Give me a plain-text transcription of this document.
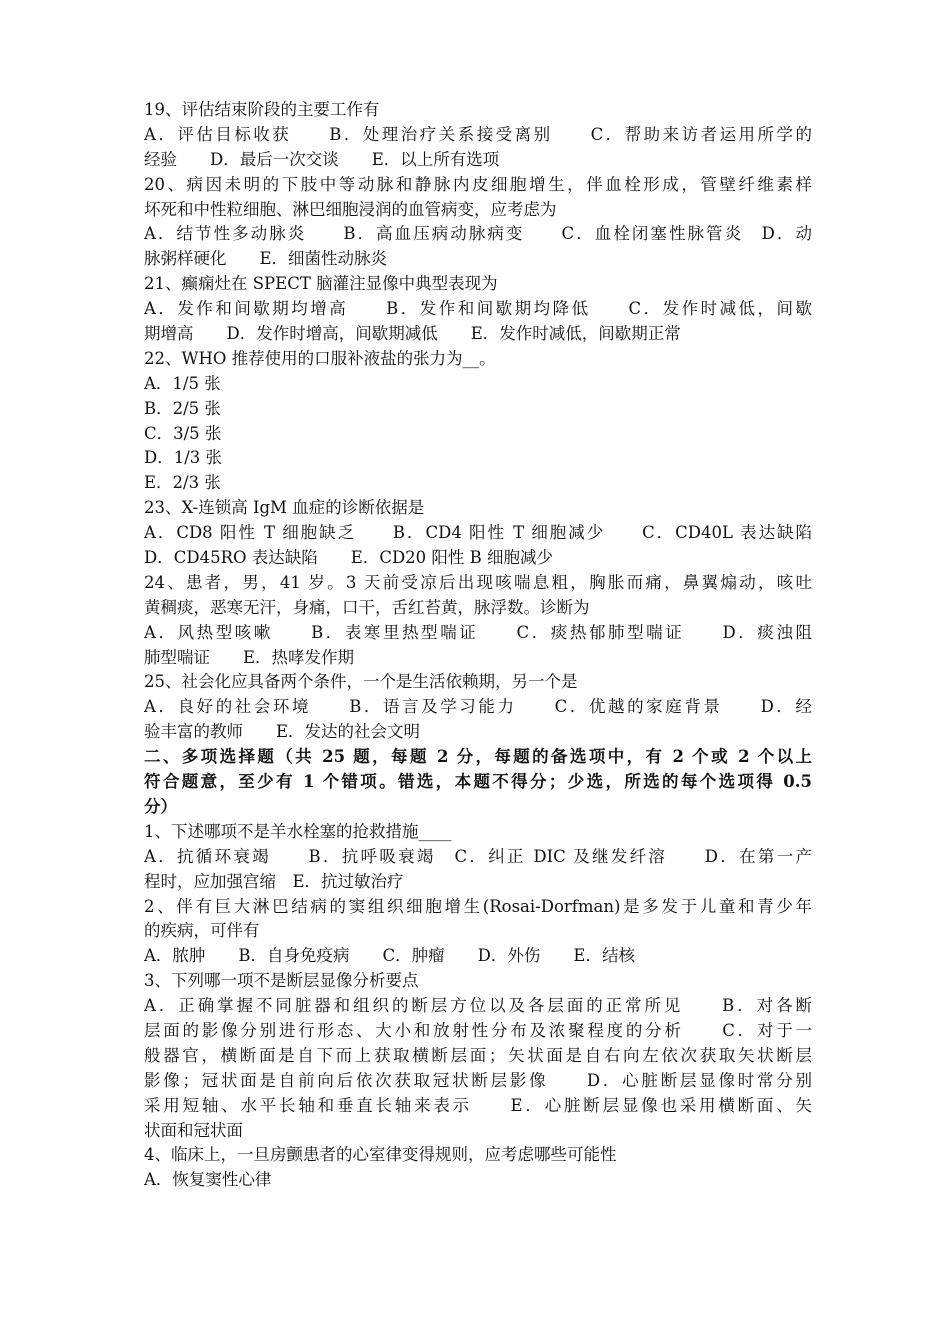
19、评估结束阶段的主要工作有
A．评估目标收获　　B．处理治疗关系接受离别　　C．帮助来访者运用所学的
经验　　D．最后一次交谈　　E．以上所有选项
20、病因未明的下肢中等动脉和静脉内皮细胞增生，伴血栓形成，管壁纤维素样
坏死和中性粒细胞、淋巴细胞浸润的血管病变，应考虑为
A．结节性多动脉炎　　B．高血压病动脉病变　　C．血栓闭塞性脉管炎　D．动
脉粥样硬化　　E．细菌性动脉炎
21、癫痫灶在 SPECT 脑灌注显像中典型表现为
A．发作和间歇期均增高　　B．发作和间歇期均降低　　C．发作时减低，间歇
期增高　　D．发作时增高，间歇期减低　　E．发作时减低，间歇期正常
22、WHO 推荐使用的口服补液盐的张力为__。
A．1/5 张
B．2/5 张
C．3/5 张
D．1/3 张
E．2/3 张
23、X-连锁高 IgM 血症的诊断依据是
A．CD8 阳性 T 细胞缺乏　　B．CD4 阳性 T 细胞减少　　C．CD40L 表达缺陷
D．CD45RO 表达缺陷　　E．CD20 阳性 B 细胞减少
24、患者，男，41 岁。3 天前受凉后出现咳喘息粗，胸胀而痛，鼻翼煽动，咳吐
黄稠痰，恶寒无汗，身痛，口干，舌红苔黄，脉浮数。诊断为
A．风热型咳嗽　　B．表寒里热型喘证　　C．痰热郁肺型喘证　　D．痰浊阻
肺型喘证　　E．热哮发作期
25、社会化应具备两个条件，一个是生活依赖期，另一个是
A．良好的社会环境　　B．语言及学习能力　　C．优越的家庭背景　　D．经
验丰富的教师　　E．发达的社会文明
二、多项选择题（共 25 题，每题 2 分，每题的备选项中，有 2 个或 2 个以上
符合题意，至少有 1 个错项。错选，本题不得分；少选，所选的每个选项得 0.5
分）
1、下述哪项不是羊水栓塞的抢救措施____
A．抗循环衰竭　　B．抗呼吸衰竭　C．纠正 DIC 及继发纤溶　　D．在第一产
程时，应加强宫缩　E．抗过敏治疗
2、伴有巨大淋巴结病的窦组织细胞增生(Rosai-Dorfman)是多发于儿童和青少年
的疾病，可伴有
A．脓肿　　B．自身免疫病　　C．肿瘤　　D．外伤　　E．结核
3、下列哪一项不是断层显像分析要点
A．正确掌握不同脏器和组织的断层方位以及各层面的正常所见　　B．对各断
层面的影像分别进行形态、大小和放射性分布及浓聚程度的分析　　C．对于一
般器官，横断面是自下而上获取横断层面；矢状面是自右向左依次获取矢状断层
影像；冠状面是自前向后依次获取冠状断层影像　　D．心脏断层显像时常分别
采用短轴、水平长轴和垂直长轴来表示　　E．心脏断层显像也采用横断面、矢
状面和冠状面
4、临床上，一旦房颤患者的心室律变得规则，应考虑哪些可能性
A．恢复窦性心律
